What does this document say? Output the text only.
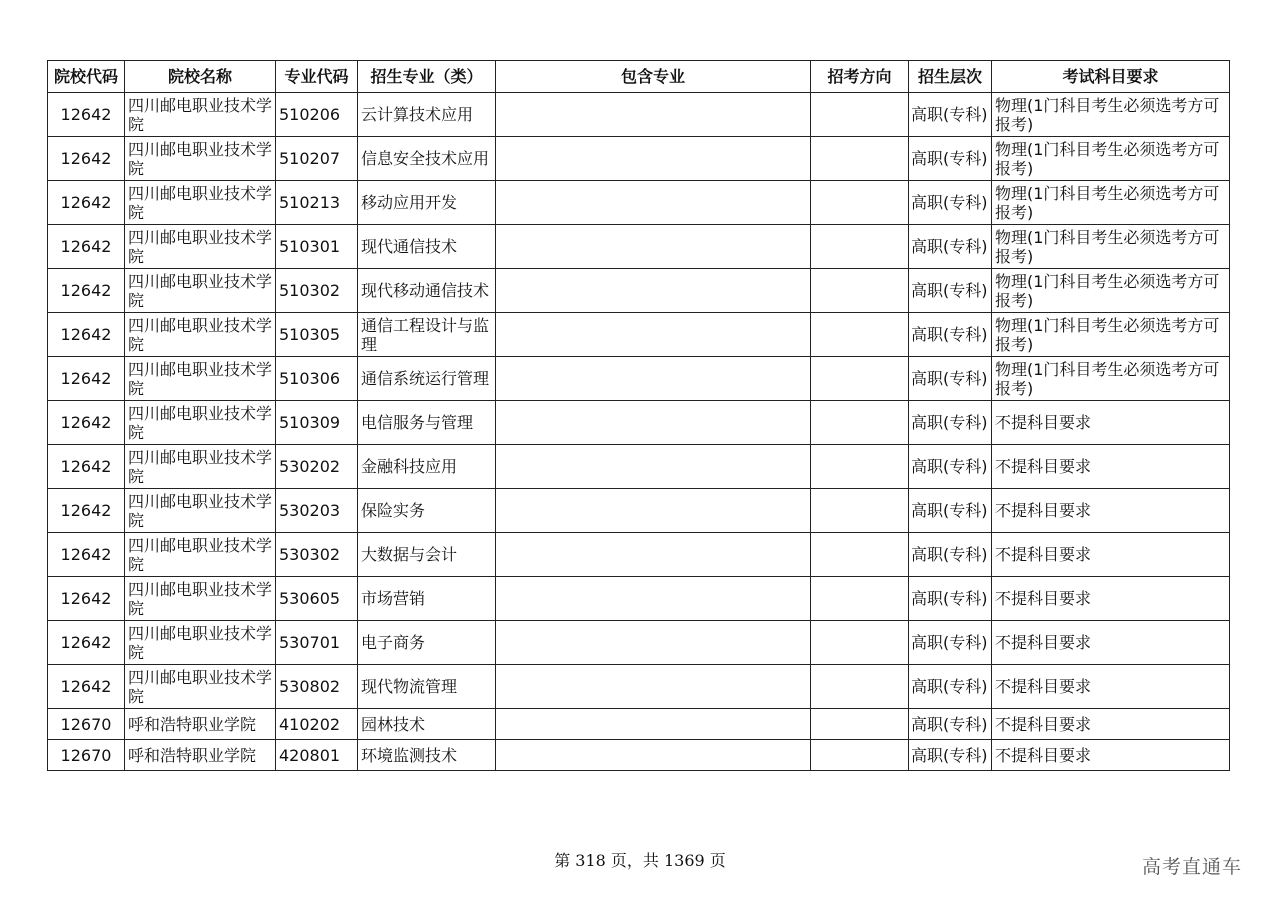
院校代码	院校名称	专业代码	招生专业（类）	包含专业	招考方向	招生层次	考试科目要求
12642	四川邮电职业技术学院	510206	云计算技术应用			高职(专科)	物理(1门科目考生必须选考方可报考)
12642	四川邮电职业技术学院	510207	信息安全技术应用			高职(专科)	物理(1门科目考生必须选考方可报考)
12642	四川邮电职业技术学院	510213	移动应用开发			高职(专科)	物理(1门科目考生必须选考方可报考)
12642	四川邮电职业技术学院	510301	现代通信技术			高职(专科)	物理(1门科目考生必须选考方可报考)
12642	四川邮电职业技术学院	510302	现代移动通信技术			高职(专科)	物理(1门科目考生必须选考方可报考)
12642	四川邮电职业技术学院	510305	通信工程设计与监理			高职(专科)	物理(1门科目考生必须选考方可报考)
12642	四川邮电职业技术学院	510306	通信系统运行管理			高职(专科)	物理(1门科目考生必须选考方可报考)
12642	四川邮电职业技术学院	510309	电信服务与管理			高职(专科)	不提科目要求
12642	四川邮电职业技术学院	530202	金融科技应用			高职(专科)	不提科目要求
12642	四川邮电职业技术学院	530203	保险实务			高职(专科)	不提科目要求
12642	四川邮电职业技术学院	530302	大数据与会计			高职(专科)	不提科目要求
12642	四川邮电职业技术学院	530605	市场营销			高职(专科)	不提科目要求
12642	四川邮电职业技术学院	530701	电子商务			高职(专科)	不提科目要求
12642	四川邮电职业技术学院	530802	现代物流管理			高职(专科)	不提科目要求
12670	呼和浩特职业学院	410202	园林技术			高职(专科)	不提科目要求
12670	呼和浩特职业学院	420801	环境监测技术			高职(专科)	不提科目要求
第 318 页，共 1369 页	高考直通车
